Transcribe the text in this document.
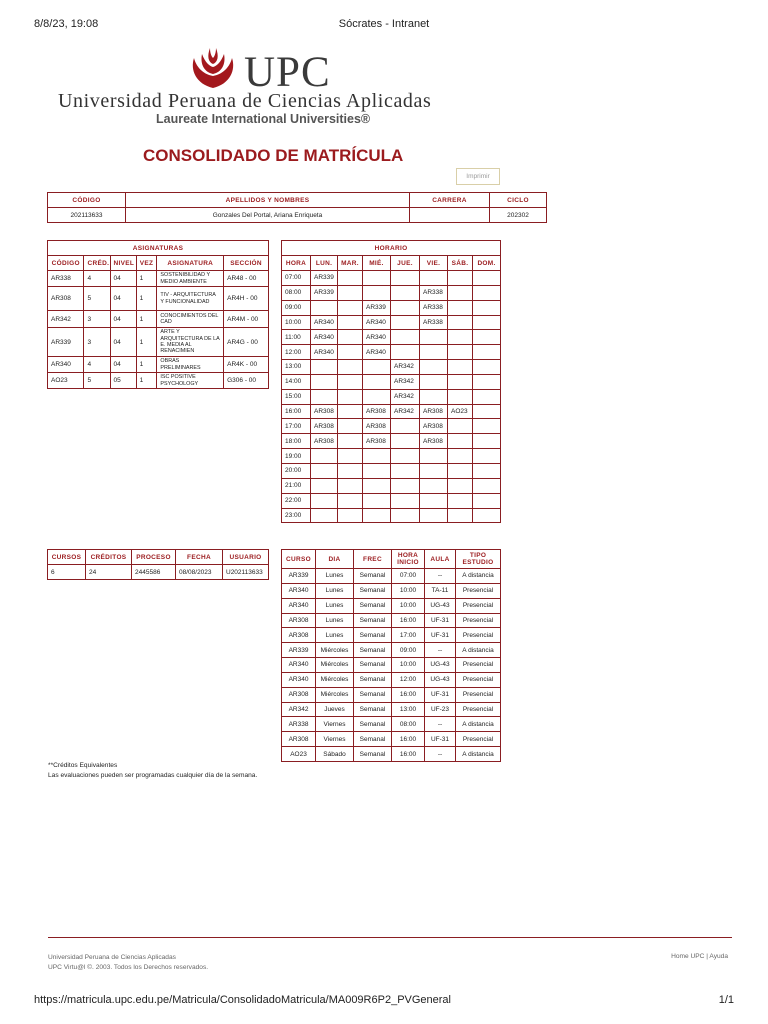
8/8/23, 19:08	Sócrates - Intranet
UPC
Universidad Peruana de Ciencias Aplicadas
Laureate International Universities®
CONSOLIDADO DE MATRÍCULA
Imprimir
CÓDIGO	APELLIDOS Y NOMBRES	CARRERA	CICLO
202113633	Gonzales Del Portal, Ariana Enriqueta		202302
ASIGNATURAS					
CÓDIGO	CRÉD.	NIVEL	VEZ	ASIGNATURA	SECCIÓN
AR338	4	04	1	SOSTENIBILIDAD Y MEDIO AMBIENTE	AR48 - 00
AR308	5	04	1	TIV - ARQUITECTURA Y FUNCIONALIDAD	AR4H - 00
AR342	3	04	1	CONOCIMIENTOS DEL CAD	AR4M - 00
AR339	3	04	1	ARTE Y ARQUITECTURA DE LA E. MEDIA AL RENACIMIEN	AR4G - 00
AR340	4	04	1	OBRAS PRELIMINARES	AR4K - 00
AO23	5	05	1	ISC POSITIVE PSYCHOLOGY	G306 - 00
HORARIO							
HORA	LUN.	MAR.	MIÉ.	JUE.	VIE.	SÁB.	DOM.
07:00	AR339						
08:00	AR339				AR338		
09:00			AR339		AR338		
10:00	AR340		AR340		AR338		
11:00	AR340		AR340				
12:00	AR340		AR340				
13:00				AR342			
14:00				AR342			
15:00				AR342			
16:00	AR308		AR308	AR342	AR308	AO23	
17:00	AR308		AR308		AR308		
18:00	AR308		AR308		AR308		
19:00							
20:00							
21:00							
22:00							
23:00							
CURSOS	CRÉDITOS	PROCESO	FECHA	USUARIO
6	24	2445586	08/08/2023	U202113633
CURSO	DIA	FREC	HORA INICIO	AULA	TIPO ESTUDIO
AR339	Lunes	Semanal	07:00	--	A distancia
AR340	Lunes	Semanal	10:00	TA-11	Presencial
AR340	Lunes	Semanal	10:00	UG-43	Presencial
AR308	Lunes	Semanal	16:00	UF-31	Presencial
AR308	Lunes	Semanal	17:00	UF-31	Presencial
AR339	Miércoles	Semanal	09:00	--	A distancia
AR340	Miércoles	Semanal	10:00	UG-43	Presencial
AR340	Miércoles	Semanal	12:00	UG-43	Presencial
AR308	Miércoles	Semanal	16:00	UF-31	Presencial
AR342	Jueves	Semanal	13:00	UF-23	Presencial
AR338	Viernes	Semanal	08:00	--	A distancia
AR308	Viernes	Semanal	16:00	UF-31	Presencial
AO23	Sábado	Semanal	16:00	--	A distancia
**Créditos Equivalentes
Las evaluaciones pueden ser programadas cualquier día de la semana.
Universidad Peruana de Ciencias Aplicadas
UPC Virtu@l ©. 2003. Todos los Derechos reservados.
Home UPC | Ayuda
https://matricula.upc.edu.pe/Matricula/ConsolidadoMatricula/MA009R6P2_PVGeneral	1/1
